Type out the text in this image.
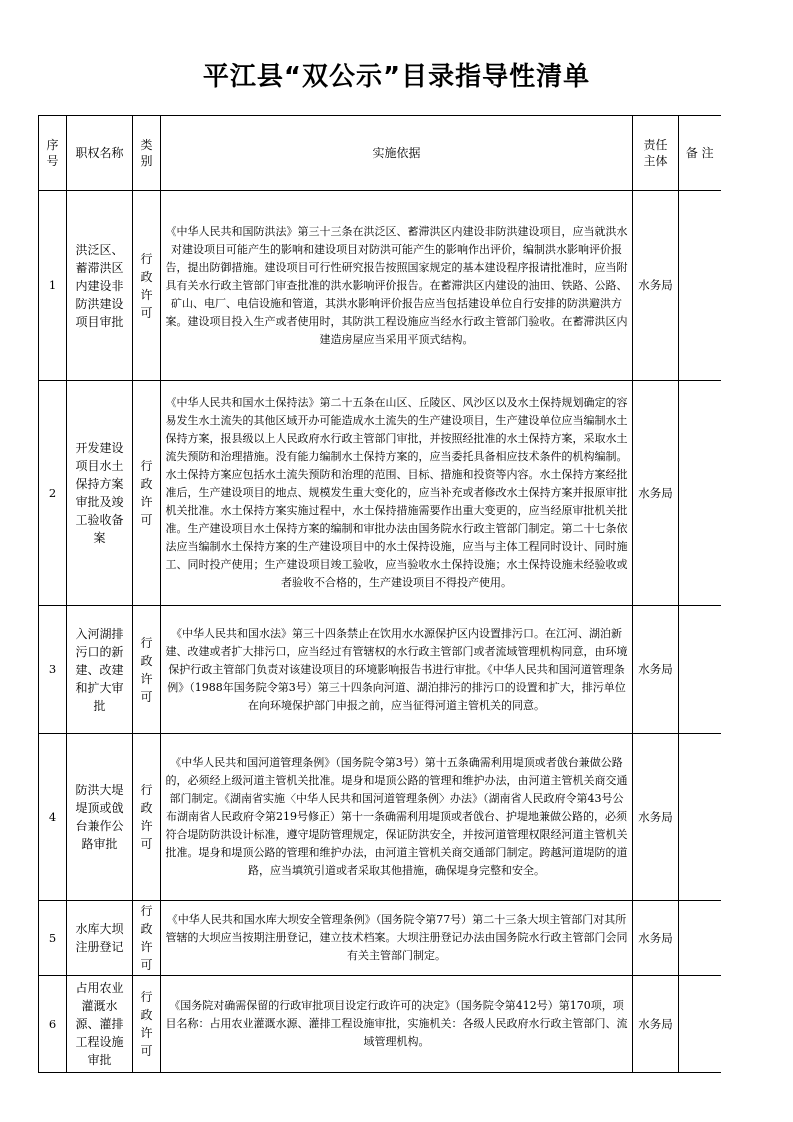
平江县“双公示”目录指导性清单
序号	职权名称	类别	实施依据	责任主体	备 注
1	洪泛区、蓄滞洪区内建设非防洪建设项目审批	行政许可	《中华人民共和国防洪法》第三十三条在洪泛区、蓄滞洪区内建设非防洪建设项目，应当就洪水对建设项目可能产生的影响和建设项目对防洪可能产生的影响作出评价，编制洪水影响评价报告，提出防御措施。建设项目可行性研究报告按照国家规定的基本建设程序报请批准时，应当附具有关水行政主管部门审查批准的洪水影响评价报告。在蓄滞洪区内建设的油田、铁路、公路、矿山、电厂、电信设施和管道，其洪水影响评价报告应当包括建设单位自行安排的防洪避洪方案。建设项目投入生产或者使用时，其防洪工程设施应当经水行政主管部门验收。在蓄滞洪区内建造房屋应当采用平顶式结构。	水务局	
2	开发建设项目水土保持方案审批及竣工验收备案	行政许可	《中华人民共和国水土保持法》第二十五条在山区、丘陵区、风沙区以及水土保持规划确定的容易发生水土流失的其他区域开办可能造成水土流失的生产建设项目，生产建设单位应当编制水土保持方案，报县级以上人民政府水行政主管部门审批，并按照经批准的水土保持方案，采取水土流失预防和治理措施。没有能力编制水土保持方案的，应当委托具备相应技术条件的机构编制。水土保持方案应包括水土流失预防和治理的范围、目标、措施和投资等内容。水土保持方案经批准后，生产建设项目的地点、规模发生重大变化的，应当补充或者修改水土保持方案并报原审批机关批准。水土保持方案实施过程中，水土保持措施需要作出重大变更的，应当经原审批机关批准。生产建设项目水土保持方案的编制和审批办法由国务院水行政主管部门制定。第二十七条依法应当编制水土保持方案的生产建设项目中的水土保持设施，应当与主体工程同时设计、同时施工、同时投产使用；生产建设项目竣工验收，应当验收水土保持设施；水土保持设施未经验收或者验收不合格的，生产建设项目不得投产使用。	水务局	
3	入河湖排污口的新建、改建和扩大审批	行政许可	《中华人民共和国水法》第三十四条禁止在饮用水水源保护区内设置排污口。在江河、湖泊新建、改建或者扩大排污口，应当经过有管辖权的水行政主管部门或者流域管理机构同意，由环境保护行政主管部门负责对该建设项目的环境影响报告书进行审批。《中华人民共和国河道管理条例》（1988年国务院令第3号）第三十四条向河道、湖泊排污的排污口的设置和扩大，排污单位在向环境保护部门申报之前，应当征得河道主管机关的同意。	水务局	
4	防洪大堤堤顶或戗台兼作公路审批	行政许可	《中华人民共和国河道管理条例》（国务院令第3号）第十五条确需利用堤顶或者戗台兼做公路的，必须经上级河道主管机关批准。堤身和堤顶公路的管理和维护办法，由河道主管机关商交通部门制定。《湖南省实施〈中华人民共和国河道管理条例〉办法》（湖南省人民政府令第43号公布湖南省人民政府令第219号修正）第十一条确需利用堤顶或者戗台、护堤地兼做公路的，必须符合堤防防洪设计标准，遵守堤防管理规定，保证防洪安全，并按河道管理权限经河道主管机关批准。堤身和堤顶公路的管理和维护办法，由河道主管机关商交通部门制定。跨越河道堤防的道路，应当填筑引道或者采取其他措施，确保堤身完整和安全。	水务局	
5	水库大坝注册登记	行政许可	《中华人民共和国水库大坝安全管理条例》（国务院令第77号）第二十三条大坝主管部门对其所管辖的大坝应当按期注册登记，建立技术档案。大坝注册登记办法由国务院水行政主管部门会同有关主管部门制定。	水务局	
6	占用农业灌溉水源、灌排工程设施审批	行政许可	《国务院对确需保留的行政审批项目设定行政许可的决定》（国务院令第412号）第170项，项目名称：占用农业灌溉水源、灌排工程设施审批，实施机关：各级人民政府水行政主管部门、流域管理机构。	水务局	
